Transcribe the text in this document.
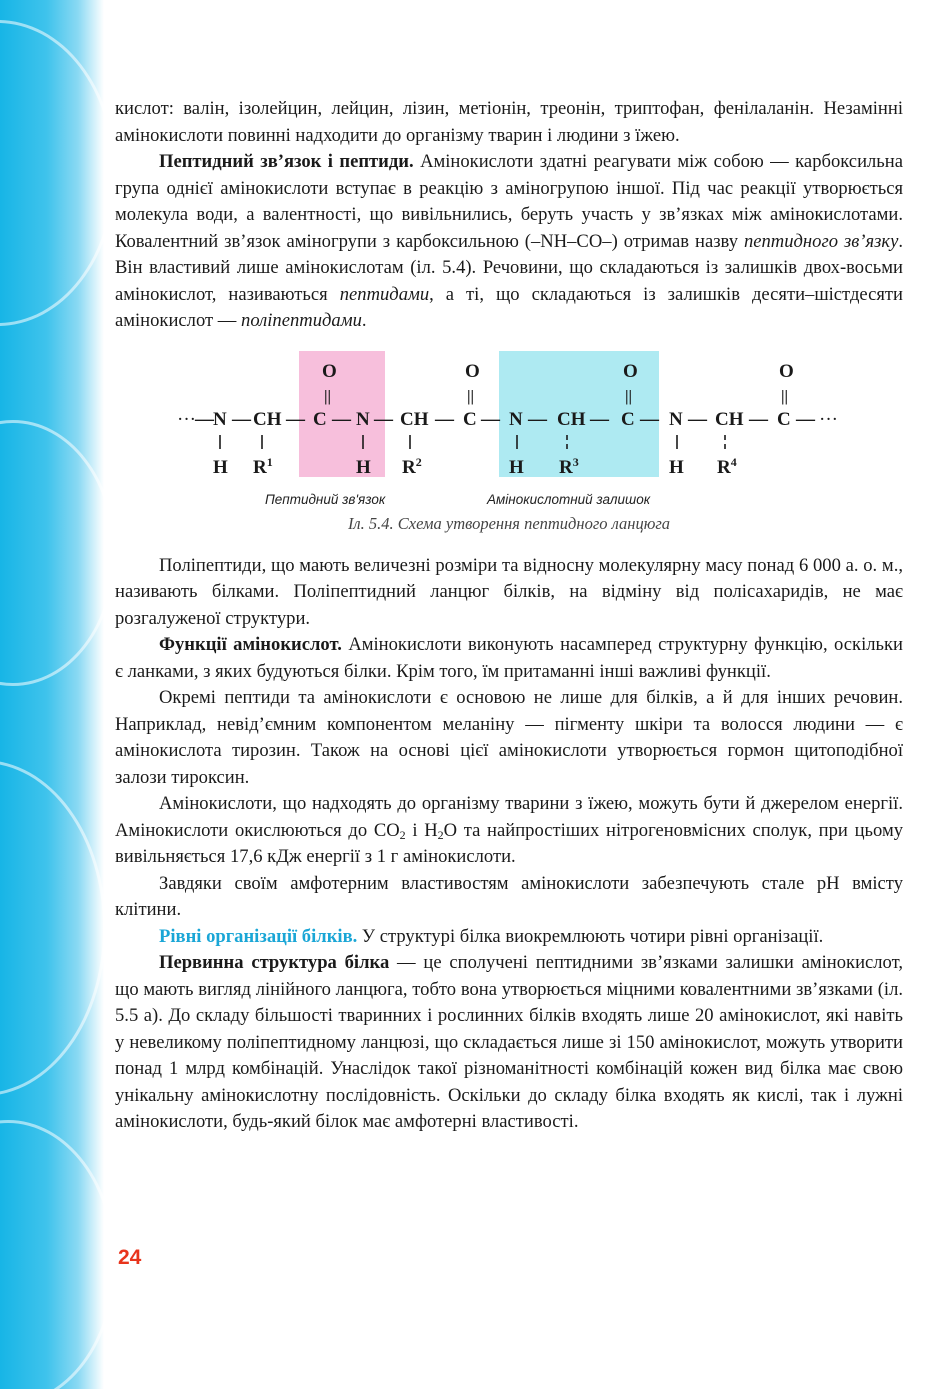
кислот: валін, ізолейцин, лейцин, лізин, метіонін, треонін, триптофан, фенілаланін. Незамінні амінокислоти повинні надходити до організму тварин і людини з їжею.

Пептидний зв’язок і пептиди. Амінокислоти здатні реагувати між собою — карбоксильна група однієї амінокислоти вступає в реакцію з аміногрупою іншої. Під час реакції утворюється молекула води, а валентності, що вивільнились, беруть участь у зв’язках між амінокислотами. Ковалентний зв’язок аміногрупи з карбоксильною (–NH–CO–) отримав назву пептидного зв’язку. Він властивий лише амінокислотам (іл. 5.4). Речовини, що складаються із залишків двох-восьми амінокислот, називаються пептидами, а ті, що складаються із залишків десяти–шістдесяти амінокислот — поліпептидами.

O	O	O	O
||	||	||	||
··· — N — CH — C — N — CH — C — N — CH — C — N — CH — C — ···
H $R^1$	H $R^2$	H $R^3$	H $R^4$
Пептидний зв'язок	Амінокислотний залишок
Іл. 5.4. Схема утворення пептидного ланцюга

Поліпептиди, що мають величезні розміри та відносну молекулярну масу понад 6 000 а. о. м., називають білками. Поліпептидний ланцюг білків, на відміну від полісахаридів, не має розгалуженої структури.

Функції амінокислот. Амінокислоти виконують насамперед структурну функцію, оскільки є ланками, з яких будуються білки. Крім того, їм притаманні інші важливі функції.

Окремі пептиди та амінокислоти є основою не лише для білків, а й для інших речовин. Наприклад, невід’ємним компонентом меланіну — пігменту шкіри та волосся людини — є амінокислота тирозин. Також на основі цієї амінокислоти утворюється гормон щитоподібної залози тироксин.

Амінокислоти, що надходять до організму тварини з їжею, можуть бути й джерелом енергії. Амінокислоти окислюються до $CO_2$ і $H_2O$ та найпростіших нітрогеновмісних сполук, при цьому вивільняється 17,6 кДж енергії з 1 г амінокислоти.

Завдяки своїм амфотерним властивостям амінокислоти забезпечують стале pH вмісту клітини.

Рівні організації білків. У структурі білка виокремлюють чотири рівні організації.

Первинна структура білка — це сполучені пептидними зв’язками залишки амінокислот, що мають вигляд лінійного ланцюга, тобто вона утворюється міцними ковалентними зв’язками (іл. 5.5 а). До складу більшості тваринних і рослинних білків входять лише 20 амінокислот, які навіть у невеликому поліпептидному ланцюзі, що складається лише зі 150 амінокислот, можуть утворити понад 1 млрд комбінацій. Унаслідок такої різноманітності комбінацій кожен вид білка має свою унікальну амінокислотну послідовність. Оскільки до складу білка входять як кислі, так і лужні амінокислоти, будь-який білок має амфотерні властивості.

24
